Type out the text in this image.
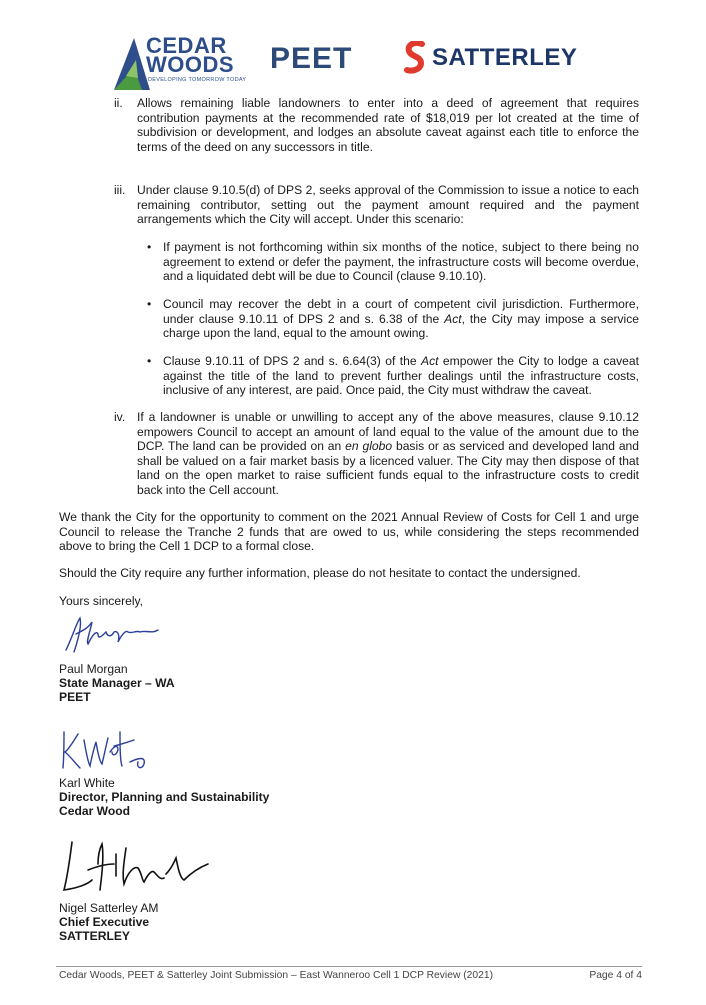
CEDAR
WOODS
DEVELOPING TOMORROW TODAY
PEET	SATTERLEY
ii. Allows remaining liable landowners to enter into a deed of agreement that requires contribution payments at the recommended rate of $18,019 per lot created at the time of subdivision or development, and lodges an absolute caveat against each title to enforce the terms of the deed on any successors in title.
iii. Under clause 9.10.5(d) of DPS 2, seeks approval of the Commission to issue a notice to each remaining contributor, setting out the payment amount required and the payment arrangements which the City will accept. Under this scenario:
• If payment is not forthcoming within six months of the notice, subject to there being no agreement to extend or defer the payment, the infrastructure costs will become overdue, and a liquidated debt will be due to Council (clause 9.10.10).
• Council may recover the debt in a court of competent civil jurisdiction. Furthermore, under clause 9.10.11 of DPS 2 and s. 6.38 of the Act, the City may impose a service charge upon the land, equal to the amount owing.
• Clause 9.10.11 of DPS 2 and s. 6.64(3) of the Act empower the City to lodge a caveat against the title of the land to prevent further dealings until the infrastructure costs, inclusive of any interest, are paid. Once paid, the City must withdraw the caveat.
iv. If a landowner is unable or unwilling to accept any of the above measures, clause 9.10.12 empowers Council to accept an amount of land equal to the value of the amount due to the DCP. The land can be provided on an en globo basis or as serviced and developed land and shall be valued on a fair market basis by a licenced valuer. The City may then dispose of that land on the open market to raise sufficient funds equal to the infrastructure costs to credit back into the Cell account.
We thank the City for the opportunity to comment on the 2021 Annual Review of Costs for Cell 1 and urge Council to release the Tranche 2 funds that are owed to us, while considering the steps recommended above to bring the Cell 1 DCP to a formal close.
Should the City require any further information, please do not hesitate to contact the undersigned.
Yours sincerely,
Paul Morgan
State Manager – WA
PEET
Karl White
Director, Planning and Sustainability
Cedar Wood
Nigel Satterley AM
Chief Executive
SATTERLEY
Cedar Woods, PEET & Satterley Joint Submission – East Wanneroo Cell 1 DCP Review (2021)	Page 4 of 4
